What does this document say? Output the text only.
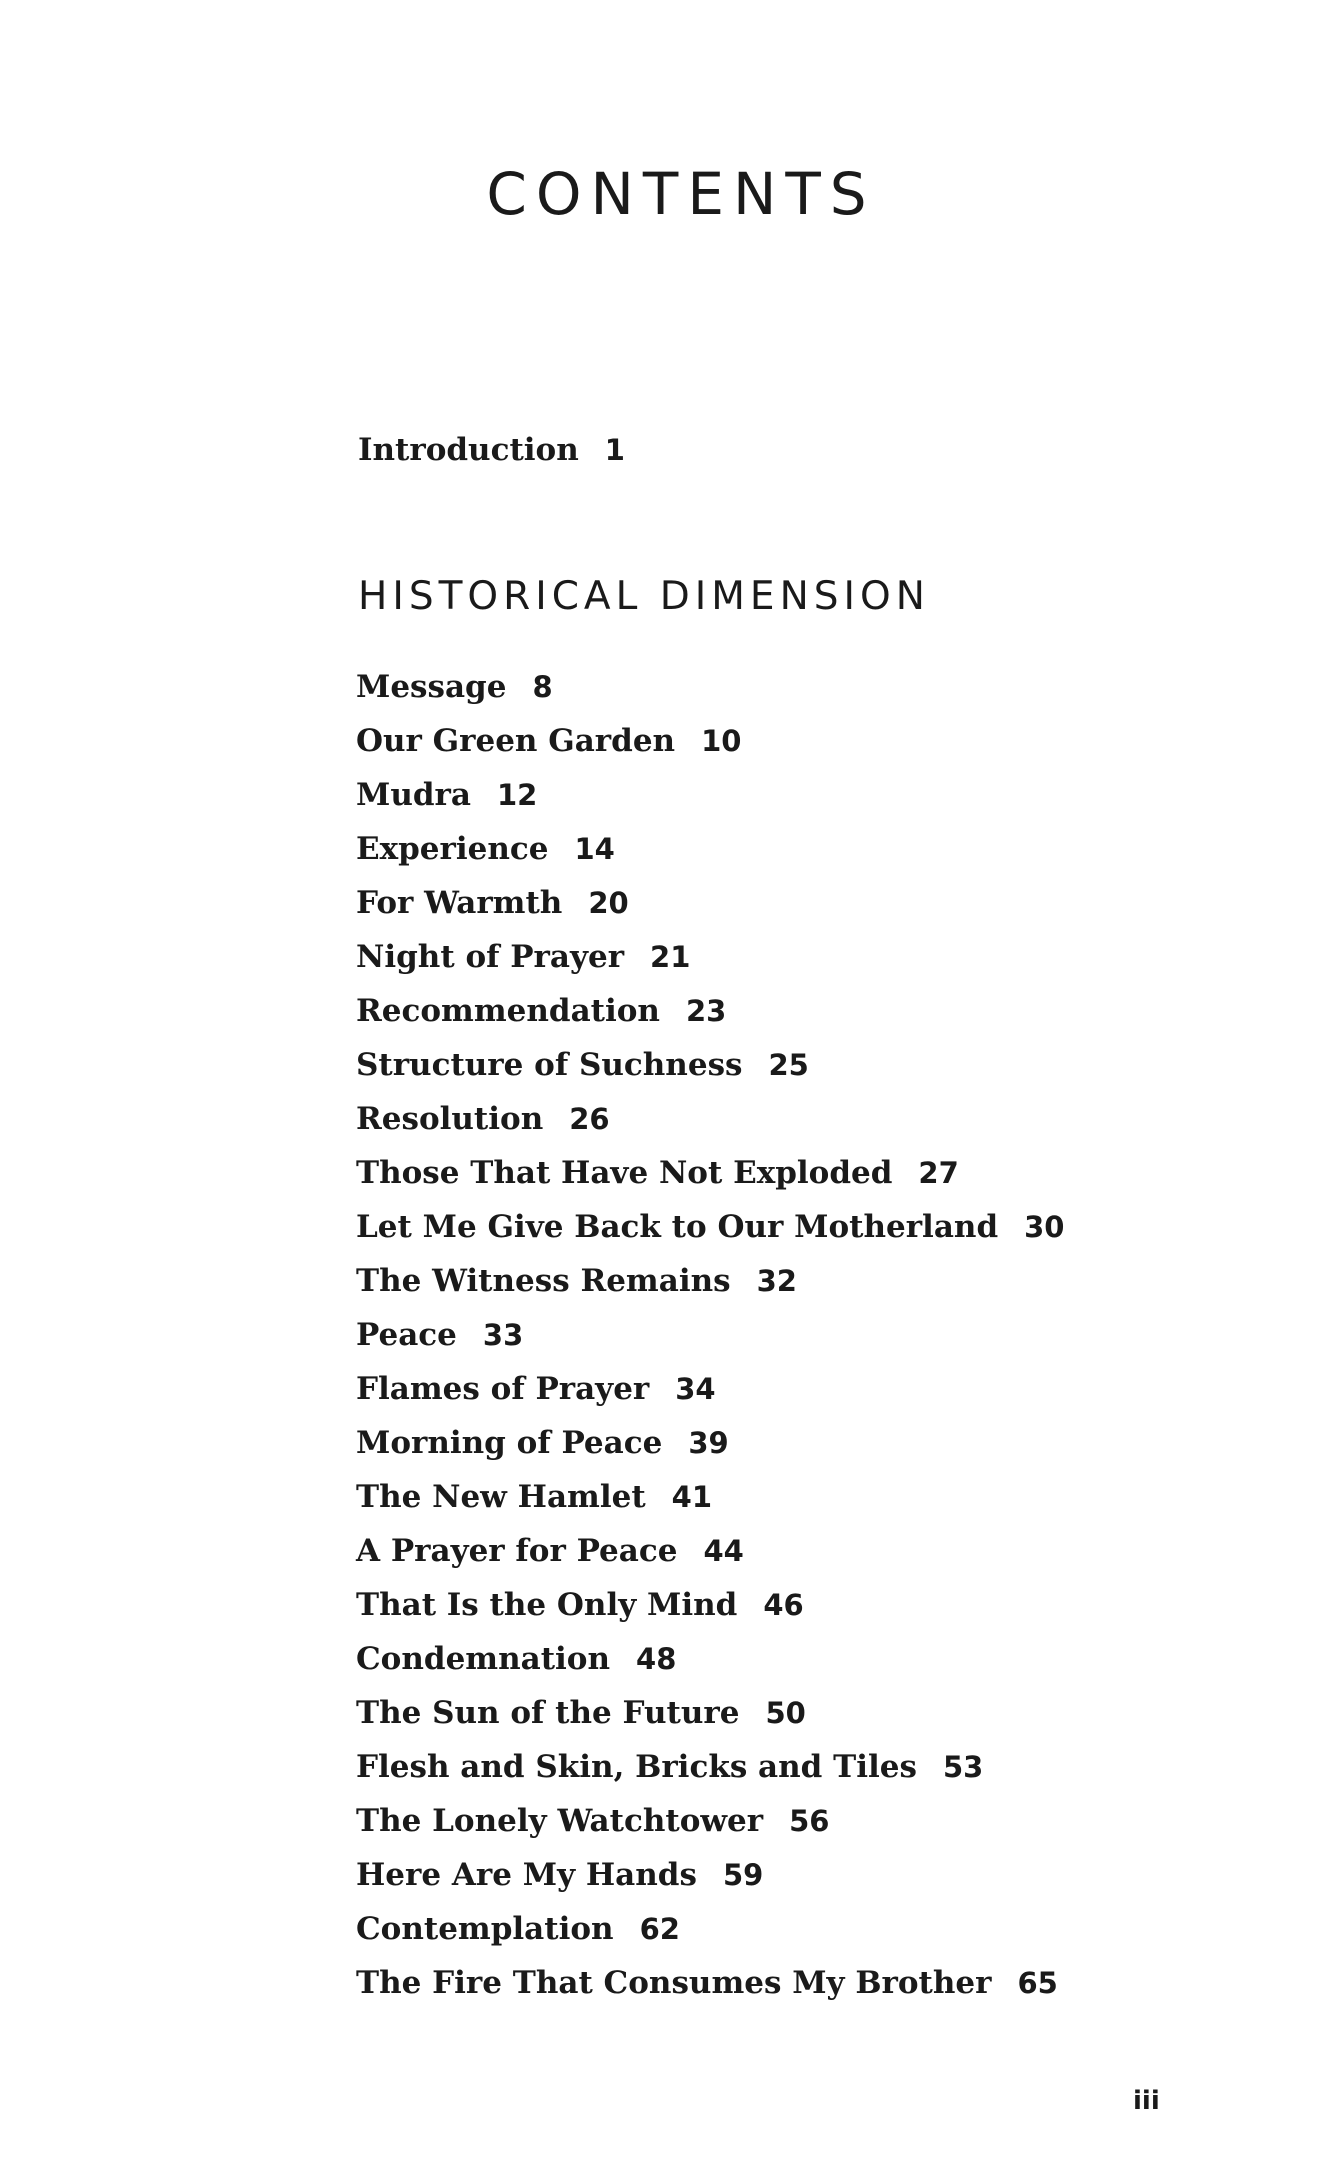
CONTENTS
Introduction 1
HISTORICAL DIMENSION
Message 8
Our Green Garden 10
Mudra 12
Experience 14
For Warmth 20
Night of Prayer 21
Recommendation 23
Structure of Suchness 25
Resolution 26
Those That Have Not Exploded 27
Let Me Give Back to Our Motherland 30
The Witness Remains 32
Peace 33
Flames of Prayer 34
Morning of Peace 39
The New Hamlet 41
A Prayer for Peace 44
That Is the Only Mind 46
Condemnation 48
The Sun of the Future 50
Flesh and Skin, Bricks and Tiles 53
The Lonely Watchtower 56
Here Are My Hands 59
Contemplation 62
The Fire That Consumes My Brother 65
iii
